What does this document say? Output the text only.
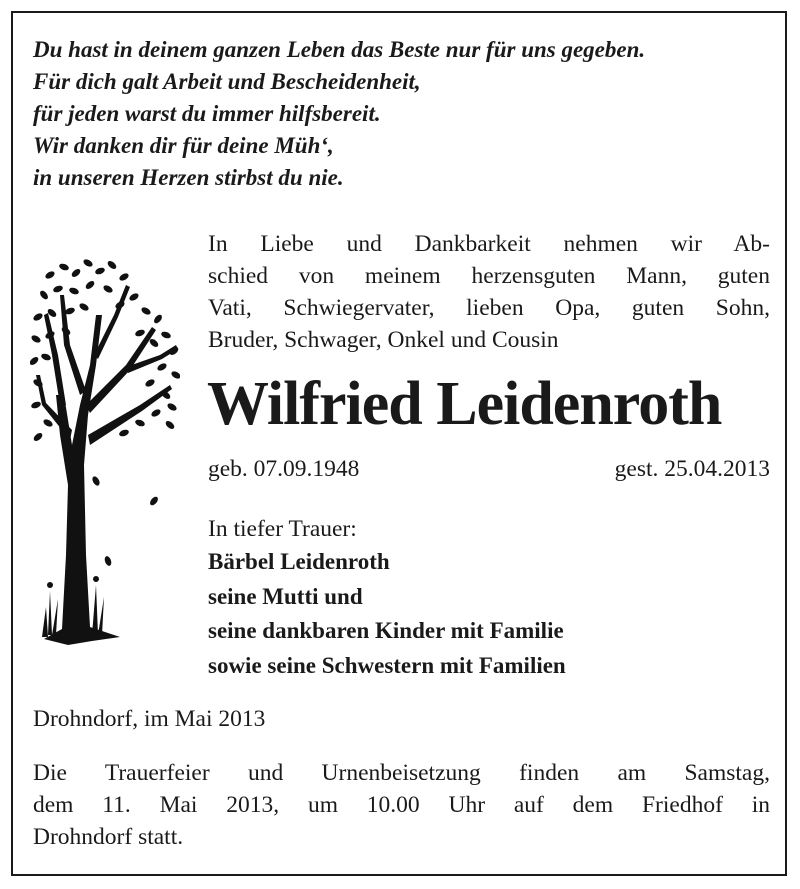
Du hast in deinem ganzen Leben das Beste nur für uns gegeben.
Für dich galt Arbeit und Bescheidenheit,
für jeden warst du immer hilfsbereit.
Wir danken dir für deine Müh‘,
in unseren Herzen stirbst du nie.
In Liebe und Dankbarkeit nehmen wir Ab-
schied von meinem herzensguten Mann, guten
Vati, Schwiegervater, lieben Opa, guten Sohn,
Bruder, Schwager, Onkel und Cousin
Wilfried Leidenroth
geb. 07.09.1948	gest. 25.04.2013
In tiefer Trauer:
Bärbel Leidenroth
seine Mutti und
seine dankbaren Kinder mit Familie
sowie seine Schwestern mit Familien
Drohndorf, im Mai 2013
Die Trauerfeier und Urnenbeisetzung finden am Samstag,
dem 11. Mai 2013, um 10.00 Uhr auf dem Friedhof in
Drohndorf statt.
